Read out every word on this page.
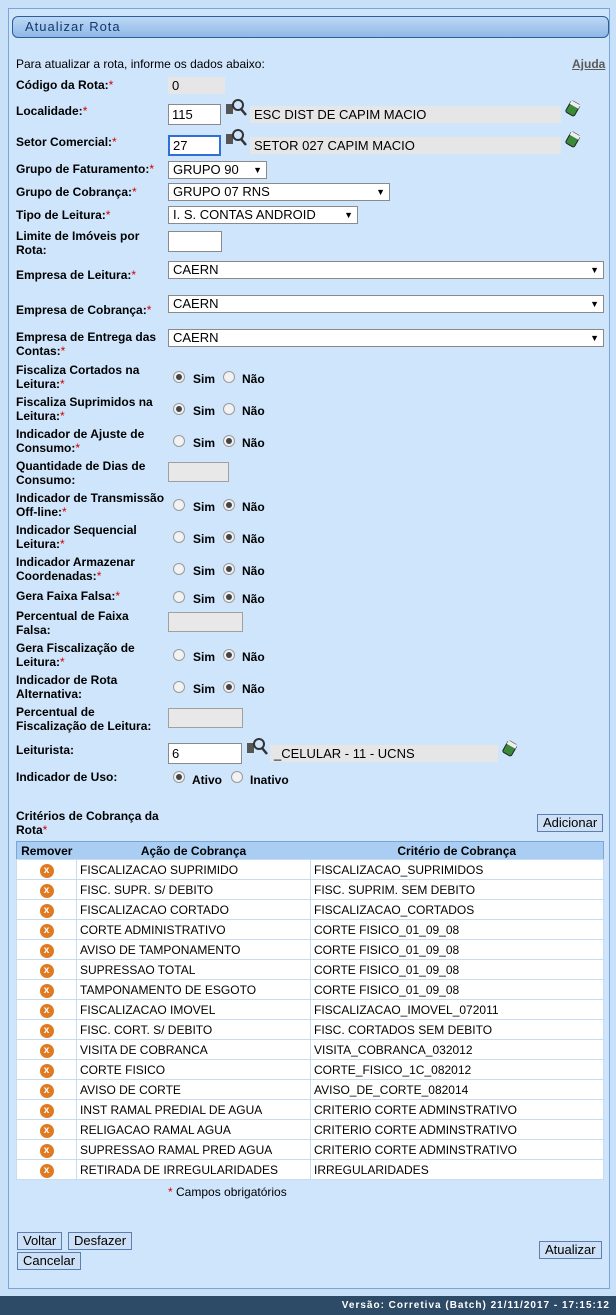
Atualizar Rota
Para atualizar a rota, informe os dados abaixo:	Ajuda
Código da Rota:*	0
Localidade:*
115	ESC DIST DE CAPIM MACIO
Setor Comercial:*
27	SETOR 027 CAPIM MACIO
Grupo de Faturamento:*	GRUPO 90 ▼
Grupo de Cobrança:*	GRUPO 07 RNS	▼
Tipo de Leitura:*	I. S. CONTAS ANDROID	▼
Limite de Imóveis por Rota:
Empresa de Leitura:*	CAERN	▼
Empresa de Cobrança:*	CAERN	▼
Empresa de Entrega das Contas:*
CAERN	▼
Fiscaliza Cortados na Leitura:*	Sim Não
Fiscaliza Suprimidos na Leitura:*	Sim Não
Indicador de Ajuste de Consumo:*	Sim Não
Quantidade de Dias de Consumo:
Indicador de Transmissão Off-line:*	Sim Não
Indicador Sequencial Leitura:*	Sim Não
Indicador Armazenar Coordenadas:*	Sim Não
Gera Faixa Falsa:*	Sim Não
Percentual de Faixa Falsa:
Gera Fiscalização de Leitura:*	Sim Não
Indicador de Rota Alternativa:	Sim Não
Percentual de Fiscalização de Leitura:
Leiturista:
6	_CELULAR - 11 - UCNS
Indicador de Uso:	Ativo Inativo
Critérios de Cobrança da Rota*	Adicionar
Remover	Ação de Cobrança	Critério de Cobrança
x	FISCALIZACAO SUPRIMIDO	FISCALIZACAO_SUPRIMIDOS
x	FISC. SUPR. S/ DEBITO	FISC. SUPRIM. SEM DEBITO
x	FISCALIZACAO CORTADO	FISCALIZACAO_CORTADOS
x	CORTE ADMINISTRATIVO	CORTE FISICO_01_09_08
x	AVISO DE TAMPONAMENTO	CORTE FISICO_01_09_08
x	SUPRESSAO TOTAL	CORTE FISICO_01_09_08
x	TAMPONAMENTO DE ESGOTO	CORTE FISICO_01_09_08
x	FISCALIZACAO IMOVEL	FISCALIZACAO_IMOVEL_072011
x	FISC. CORT. S/ DEBITO	FISC. CORTADOS SEM DEBITO
x	VISITA DE COBRANCA	VISITA_COBRANCA_032012
x	CORTE FISICO	CORTE_FISICO_1C_082012
x	AVISO DE CORTE	AVISO_DE_CORTE_082014
x	INST RAMAL PREDIAL DE AGUA	CRITERIO CORTE ADMINSTRATIVO
x	RELIGACAO RAMAL AGUA	CRITERIO CORTE ADMINSTRATIVO
x	SUPRESSAO RAMAL PRED AGUA	CRITERIO CORTE ADMINSTRATIVO
x	RETIRADA DE IRREGULARIDADES	IRREGULARIDADES
* Campos obrigatórios
Voltar	Desfazer
Cancelar
Atualizar
Versão: Corretiva (Batch) 21/11/2017 - 17:15:12
